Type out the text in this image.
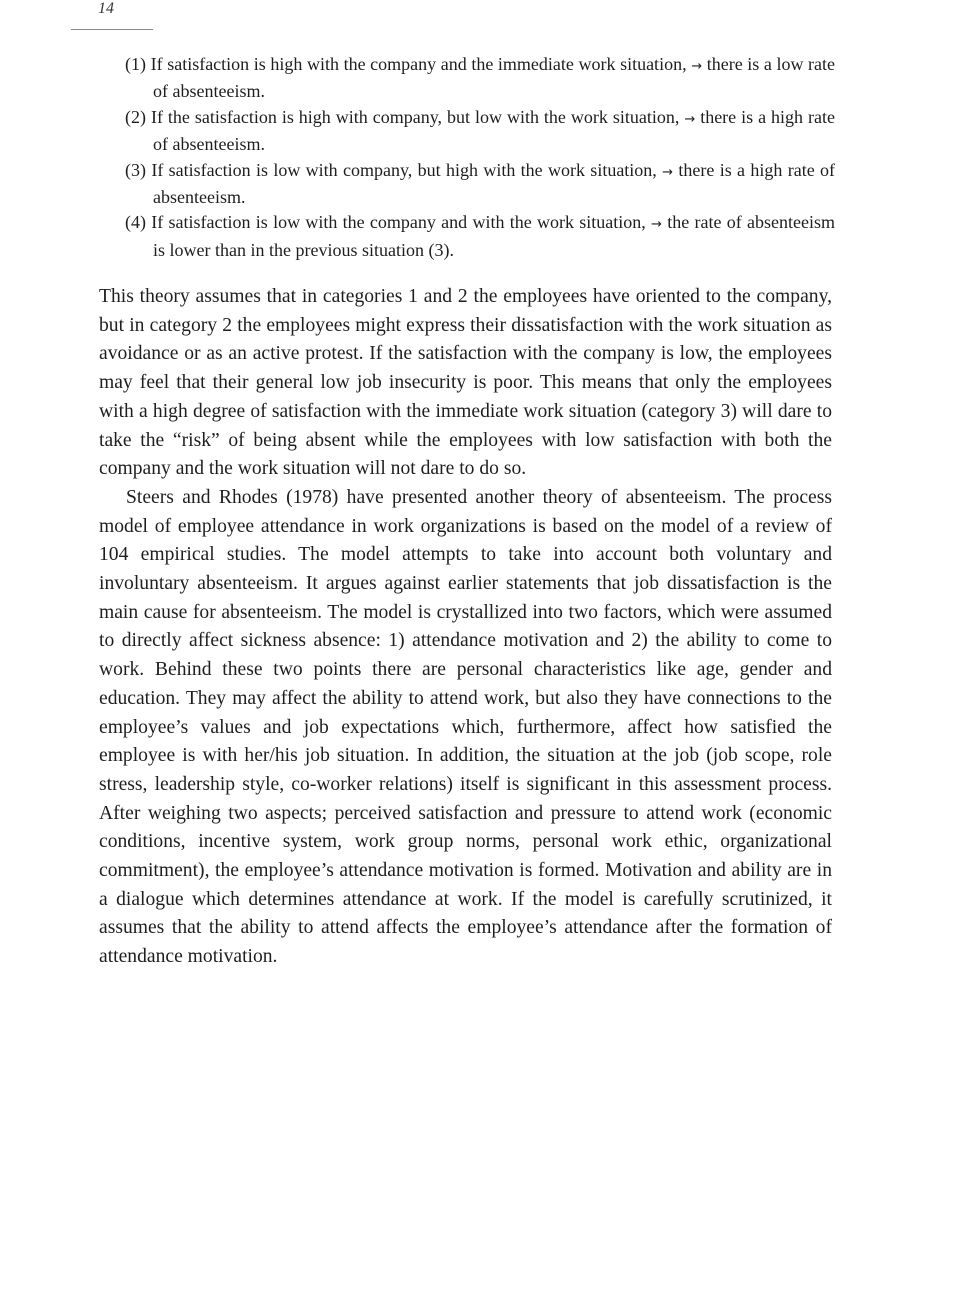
14
(1) If satisfaction is high with the company and the immediate work situation, → there is a low rate of absenteeism.
(2) If the satisfaction is high with company, but low with the work situation, → there is a high rate of absenteeism.
(3) If satisfaction is low with company, but high with the work situation, → there is a high rate of absenteeism.
(4) If satisfaction is low with the company and with the work situation, → the rate of absenteeism is lower than in the previous situation (3).

This theory assumes that in categories 1 and 2 the employees have oriented to the company, but in category 2 the employees might express their dissatisfaction with the work situation as avoidance or as an active protest. If the satisfaction with the company is low, the employees may feel that their general low job insecurity is poor. This means that only the employees with a high degree of satisfaction with the immediate work situation (category 3) will dare to take the “risk” of being absent while the employees with low satisfaction with both the company and the work situation will not dare to do so.

Steers and Rhodes (1978) have presented another theory of absenteeism. The process model of employee attendance in work organizations is based on the model of a review of 104 empirical studies. The model attempts to take into account both voluntary and involuntary absenteeism. It argues against earlier statements that job dissatisfaction is the main cause for absenteeism. The model is crystallized into two factors, which were assumed to directly affect sickness absence: 1) attendance motivation and 2) the ability to come to work. Behind these two points there are personal characteristics like age, gender and education. They may affect the ability to attend work, but also they have connections to the employee’s values and job expectations which, furthermore, affect how satisfied the employee is with her/his job situation. In addition, the situation at the job (job scope, role stress, leadership style, co-worker relations) itself is significant in this assessment process. After weighing two aspects; perceived satisfaction and pressure to attend work (economic conditions, incentive system, work group norms, personal work ethic, organizational commitment), the employee’s attendance motivation is formed. Motivation and ability are in a dialogue which determines attendance at work. If the model is carefully scrutinized, it assumes that the ability to attend affects the employee’s attendance after the formation of attendance motivation.
